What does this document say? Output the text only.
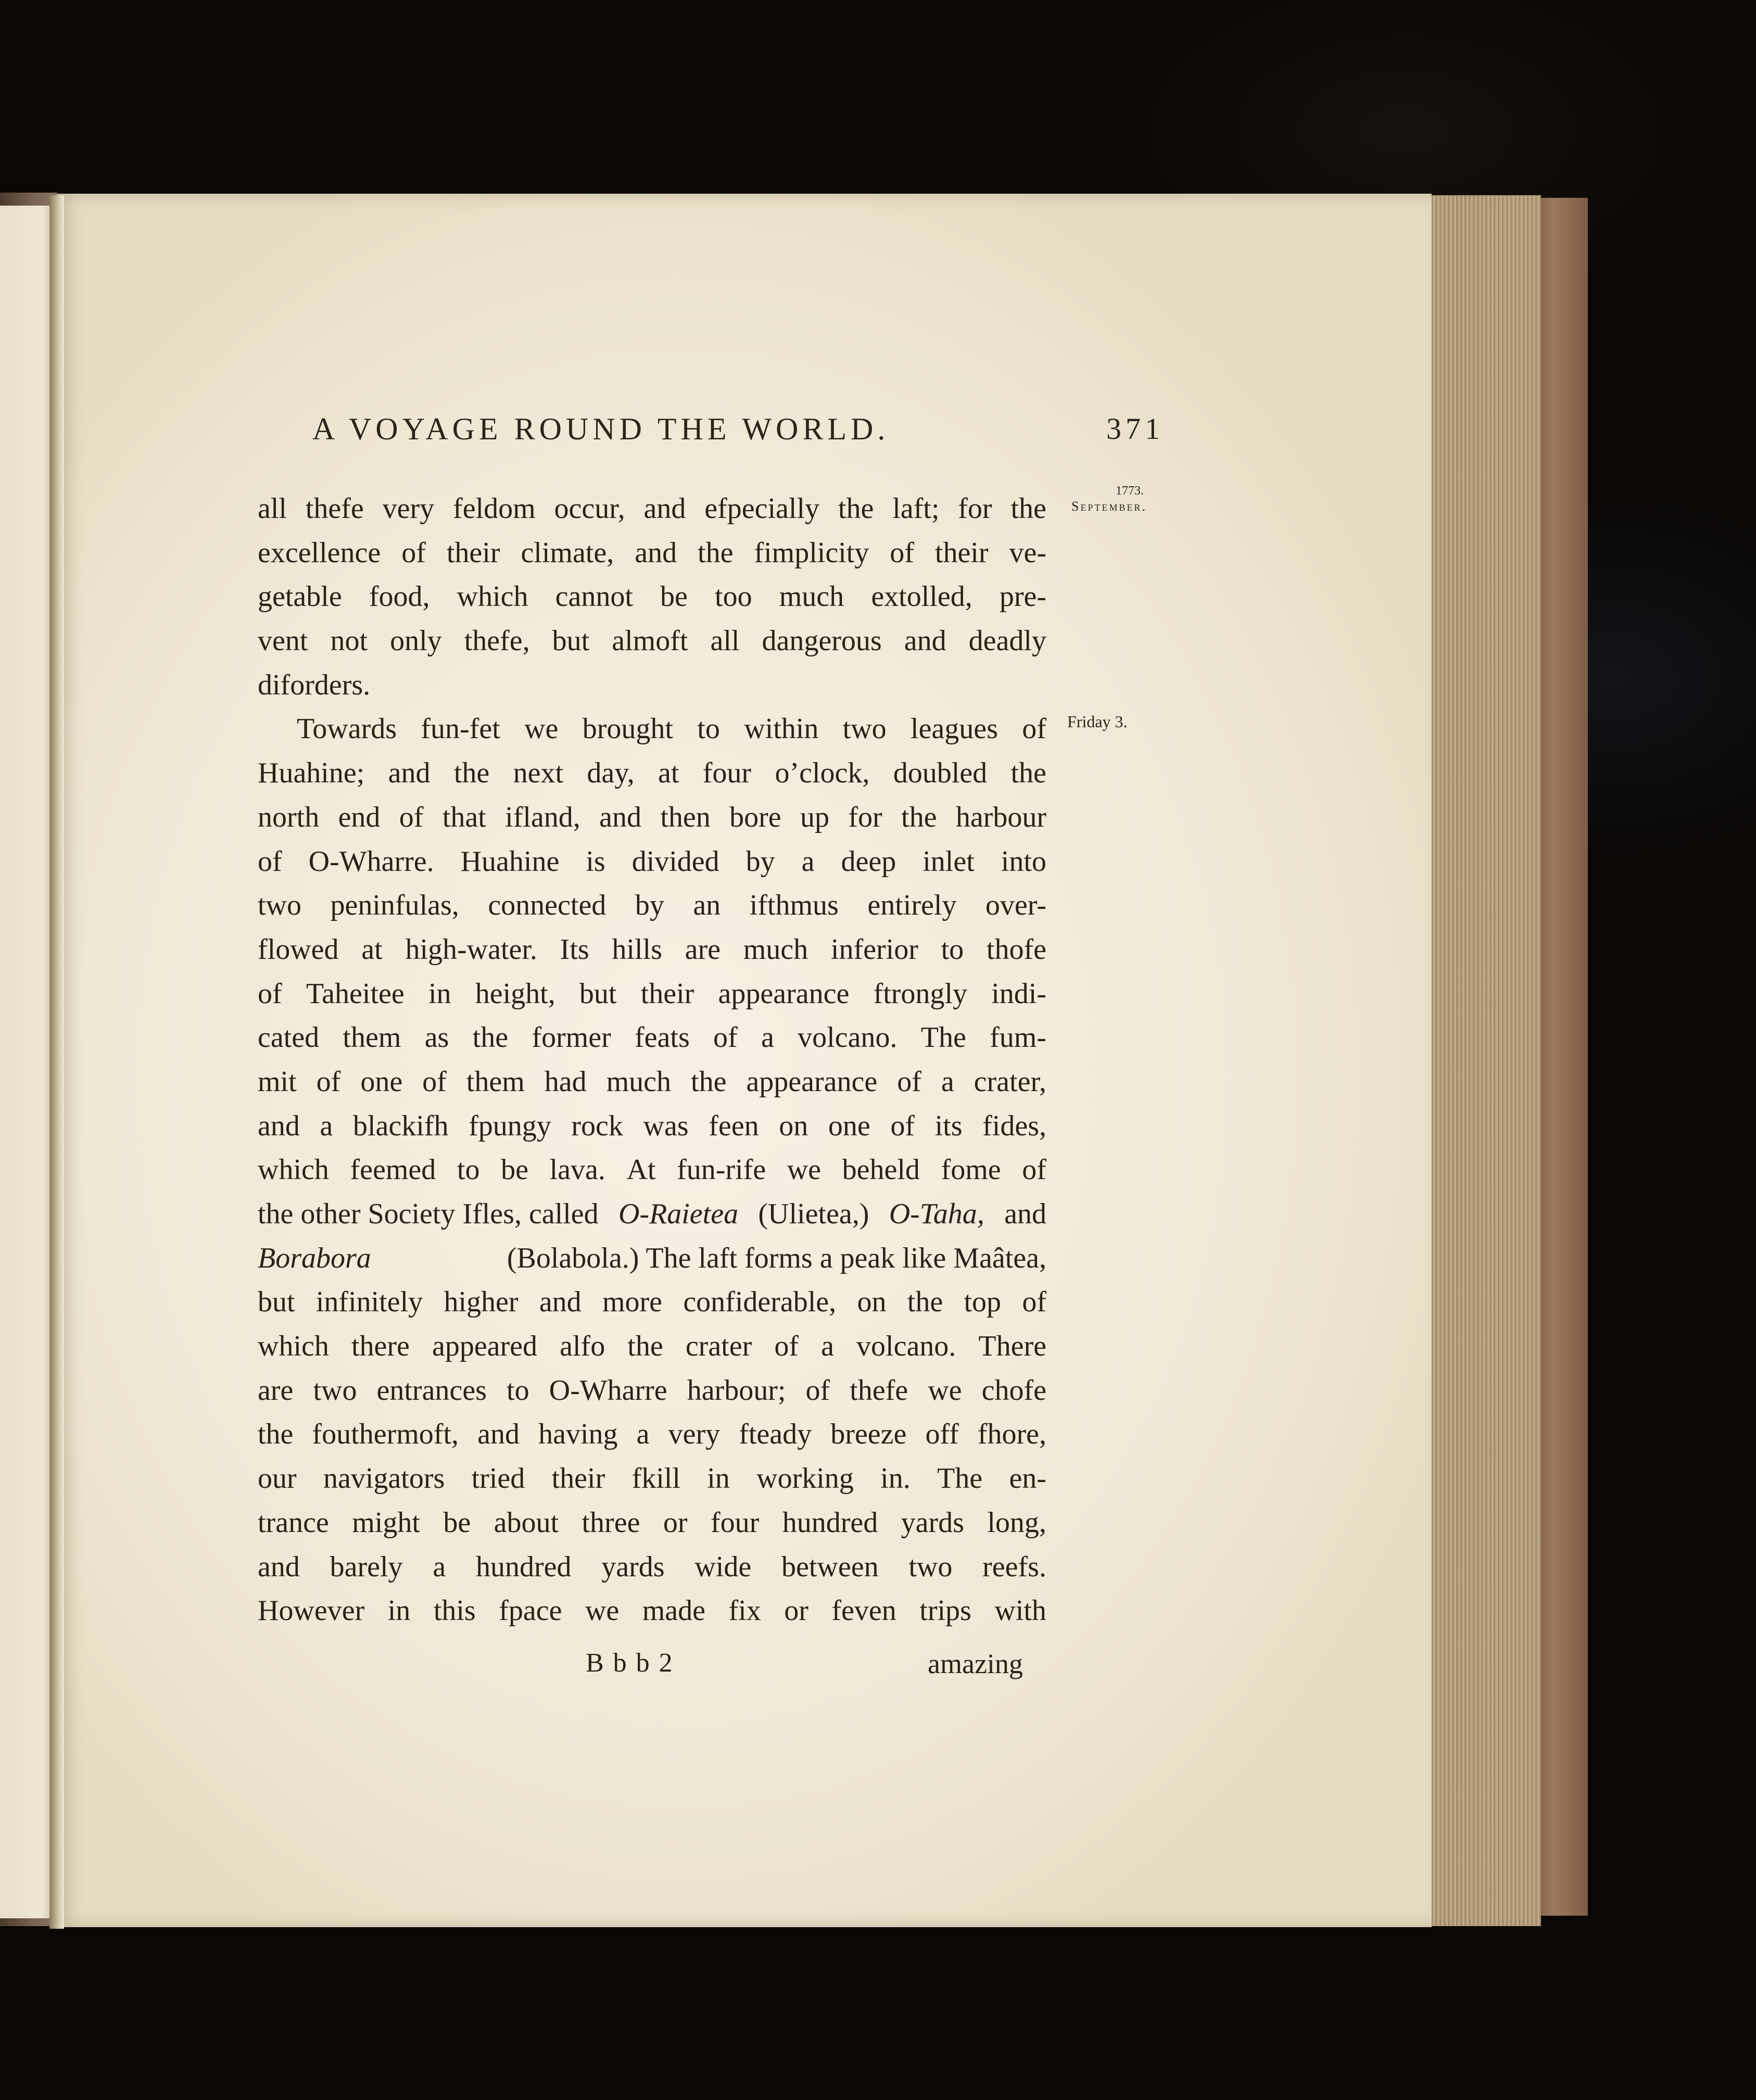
A VOYAGE ROUND THE WORLD.	371
1773.
September.
Friday 3.
all thefe very feldom occur, and efpecially the laft; for the
excellence of their climate, and the fimplicity of their ve-
getable food, which cannot be too much extolled, pre-
vent not only thefe, but almoft all dangerous and deadly
diforders.
Towards fun-fet we brought to within two leagues of
Huahine; and the next day, at four o’clock, doubled the
north end of that ifland, and then bore up for the harbour
of O-Wharre. Huahine is divided by a deep inlet into
two peninfulas, connected by an ifthmus entirely over-
flowed at high-water. Its hills are much inferior to thofe
of Taheitee in height, but their appearance ftrongly indi-
cated them as the former feats of a volcano. The fum-
mit of one of them had much the appearance of a crater,
and a blackifh fpungy rock was feen on one of its fides,
which feemed to be lava. At fun-rife we beheld fome of
the other Society Ifles, called O-Raietea (Ulietea,) O-Taha, and
Borabora	(Bolabola.) The laft forms a peak like Maâtea,
but infinitely higher and more confiderable, on the top of
which there appeared alfo the crater of a volcano. There
are two entrances to O-Wharre harbour; of thefe we chofe
the fouthermoft, and having a very fteady breeze off fhore,
our navigators tried their fkill in working in. The en-
trance might be about three or four hundred yards long,
and barely a hundred yards wide between two reefs.
However in this fpace we made fix or feven trips with
Bbb2	amazing
